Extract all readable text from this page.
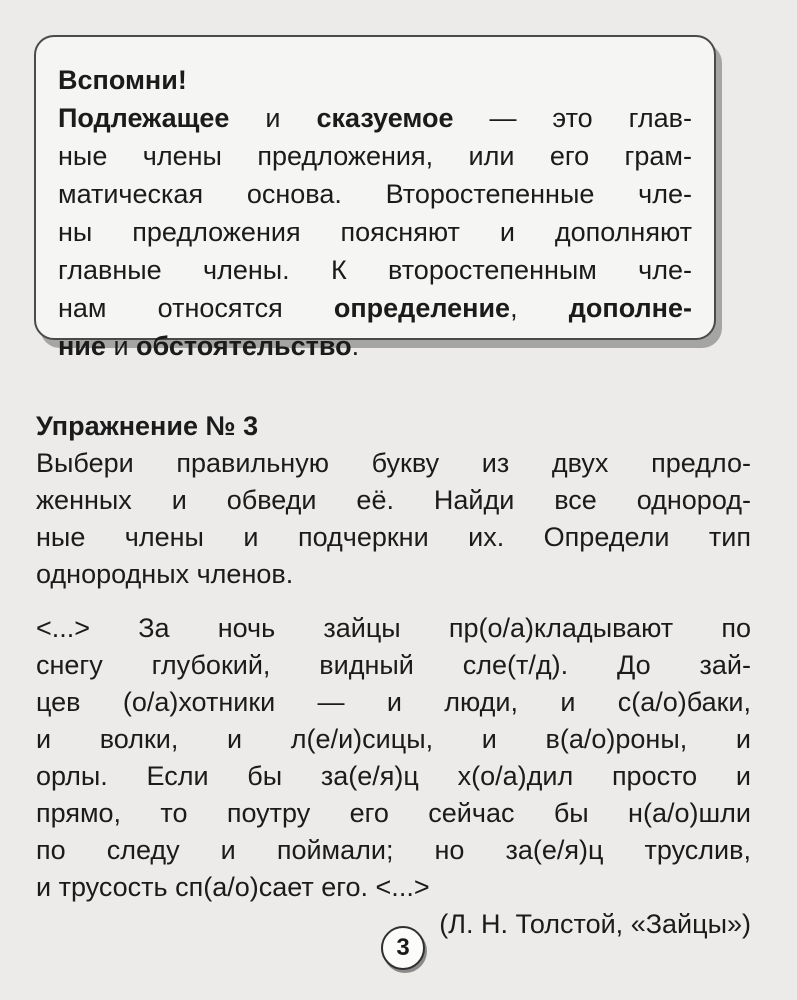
Вспомни!
Подлежащее и сказуемое — это глав-
ные члены предложения, или его грам-
матическая основа. Второстепенные чле-
ны предложения поясняют и дополняют
главные члены. К второстепенным чле-
нам относятся определение, дополне-
ние и обстоятельство.
Упражнение № 3
Выбери правильную букву из двух предло-
женных и обведи её. Найди все однород-
ные члены и подчеркни их. Определи тип
однородных членов.
<...> За ночь зайцы пр(о/а)кладывают по
снегу глубокий, видный сле(т/д). До зай-
цев (о/а)хотники — и люди, и с(а/о)баки,
и волки, и л(е/и)сицы, и в(а/о)роны, и
орлы. Если бы за(е/я)ц х(о/а)дил просто и
прямо, то поутру его сейчас бы н(а/о)шли
по следу и поймали; но за(е/я)ц труслив,
и трусость сп(а/о)сает его. <...>
(Л. Н. Толстой, «Зайцы»)
3
